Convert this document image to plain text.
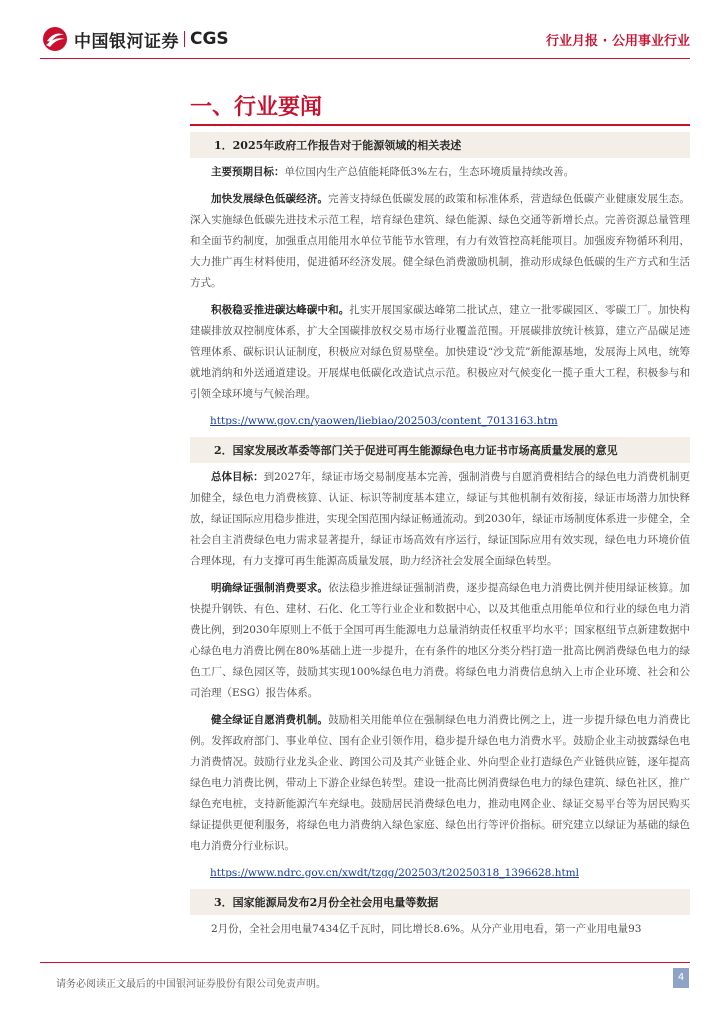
中国银河证券 CGS	行业月报 · 公用事业行业
一、行业要闻
1．2025年政府工作报告对于能源领域的相关表述

主要预期目标：单位国内生产总值能耗降低3%左右，生态环境质量持续改善。

加快发展绿色低碳经济。完善支持绿色低碳发展的政策和标准体系，营造绿色低碳产业健康发展生态。深入实施绿色低碳先进技术示范工程，培育绿色建筑、绿色能源、绿色交通等新增长点。完善资源总量管理和全面节约制度，加强重点用能用水单位节能节水管理，有力有效管控高耗能项目。加强废弃物循环利用，大力推广再生材料使用，促进循环经济发展。健全绿色消费激励机制，推动形成绿色低碳的生产方式和生活方式。

积极稳妥推进碳达峰碳中和。扎实开展国家碳达峰第二批试点，建立一批零碳园区、零碳工厂。加快构建碳排放双控制度体系，扩大全国碳排放权交易市场行业覆盖范围。开展碳排放统计核算，建立产品碳足迹管理体系、碳标识认证制度，积极应对绿色贸易壁垒。加快建设“沙戈荒”新能源基地，发展海上风电，统筹就地消纳和外送通道建设。开展煤电低碳化改造试点示范。积极应对气候变化一揽子重大工程，积极参与和引领全球环境与气候治理。

https://www.gov.cn/yaowen/liebiao/202503/content_7013163.htm
2．国家发展改革委等部门关于促进可再生能源绿色电力证书市场高质量发展的意见

总体目标：到2027年，绿证市场交易制度基本完善，强制消费与自愿消费相结合的绿色电力消费机制更加健全，绿色电力消费核算、认证、标识等制度基本建立，绿证与其他机制有效衔接，绿证市场潜力加快释放，绿证国际应用稳步推进，实现全国范围内绿证畅通流动。到2030年，绿证市场制度体系进一步健全，全社会自主消费绿色电力需求显著提升，绿证市场高效有序运行，绿证国际应用有效实现，绿色电力环境价值合理体现，有力支撑可再生能源高质量发展，助力经济社会发展全面绿色转型。

明确绿证强制消费要求。依法稳步推进绿证强制消费，逐步提高绿色电力消费比例并使用绿证核算。加快提升钢铁、有色、建材、石化、化工等行业企业和数据中心，以及其他重点用能单位和行业的绿色电力消费比例，到2030年原则上不低于全国可再生能源电力总量消纳责任权重平均水平；国家枢纽节点新建数据中心绿色电力消费比例在80%基础上进一步提升，在有条件的地区分类分档打造一批高比例消费绿色电力的绿色工厂、绿色园区等，鼓励其实现100%绿色电力消费。将绿色电力消费信息纳入上市企业环境、社会和公司治理（ESG）报告体系。

健全绿证自愿消费机制。鼓励相关用能单位在强制绿色电力消费比例之上，进一步提升绿色电力消费比例。发挥政府部门、事业单位、国有企业引领作用，稳步提升绿色电力消费水平。鼓励企业主动披露绿色电力消费情况。鼓励行业龙头企业、跨国公司及其产业链企业、外向型企业打造绿色产业链供应链，逐年提高绿色电力消费比例，带动上下游企业绿色转型。建设一批高比例消费绿色电力的绿色建筑、绿色社区，推广绿色充电桩，支持新能源汽车充绿电。鼓励居民消费绿色电力，推动电网企业、绿证交易平台等为居民购买绿证提供更便利服务，将绿色电力消费纳入绿色家庭、绿色出行等评价指标。研究建立以绿证为基础的绿色电力消费分行业标识。

https://www.ndrc.gov.cn/xwdt/tzgg/202503/t20250318_1396628.html
3．国家能源局发布2月份全社会用电量等数据

2月份，全社会用电量7434亿千瓦时，同比增长8.6%。从分产业用电看，第一产业用电量93

请务必阅读正文最后的中国银河证券股份有限公司免责声明。
4
